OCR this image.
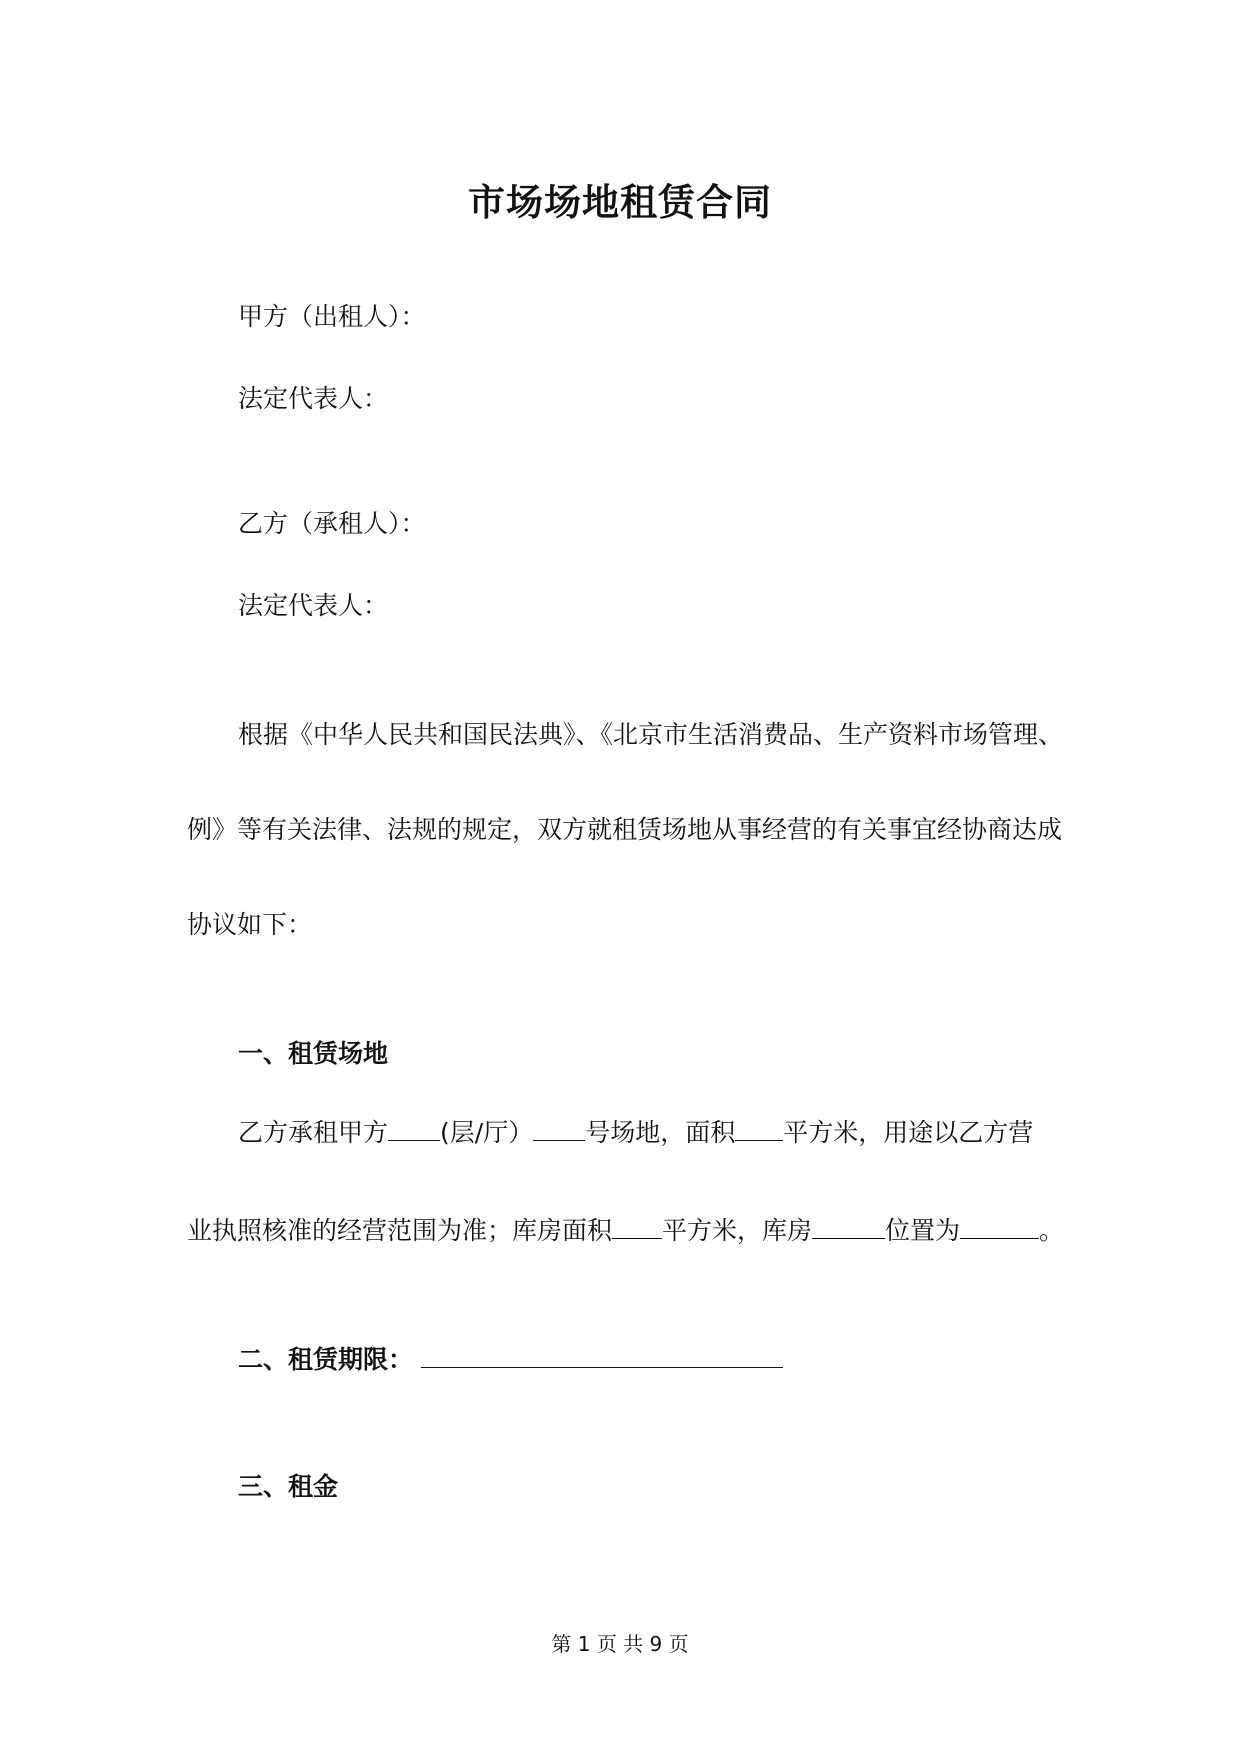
市场场地租赁合同
甲方（出租人）：
法定代表人：
乙方（承租人）：
法定代表人：
根据《中华人民共和国民法典》、《北京市生活消费品、生产资料市场管理、
例》等有关法律、法规的规定，双方就租赁场地从事经营的有关事宜经协商达成
协议如下：
一、租赁场地
乙方承租甲方 (层/厅） 号场地，面积 平方米，用途以乙方营
业执照核准的经营范围为准；库房面积 平方米，库房	位置为	。
二、租赁期限：
三、租金
第 1 页 共 9 页
